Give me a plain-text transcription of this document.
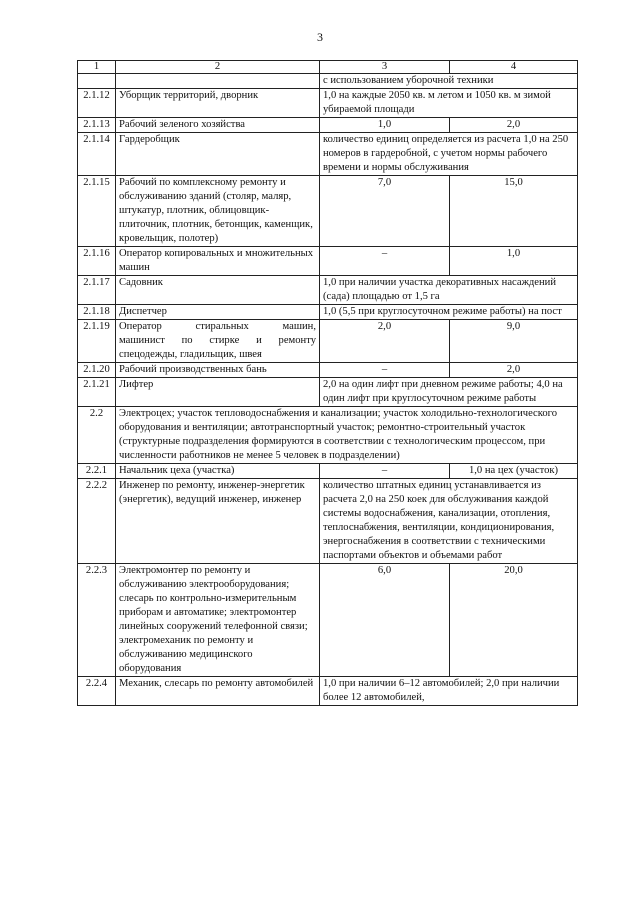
3
1	2	3	4
		с использованием уборочной техники	
2.1.12	Уборщик территорий, дворник	1,0 на каждые 2050 кв. м летом и 1050 кв. м зимой убираемой площади	
2.1.13	Рабочий зеленого хозяйства	1,0	2,0
2.1.14	Гардеробщик	количество единиц определяется из расчета 1,0 на 250 номеров в гардеробной, с учетом нормы рабочего времени и нормы обслуживания	
2.1.15	Рабочий по комплексному ремонту и обслуживанию зданий (столяр, маляр, штукатур, плотник, облицовщик-плиточник, плотник, бетонщик, каменщик, кровельщик, полотер)	7,0	15,0
2.1.16	Оператор копировальных и множительных машин	–	1,0
2.1.17	Садовник	1,0 при наличии участка декоративных насаждений (сада) площадью от 1,5 га	
2.1.18	Диспетчер	1,0 (5,5 при круглосуточном режиме работы) на пост	
2.1.19	Оператор стиральных машин,
машинист по стирке и ремонту
спецодежды, гладильщик, швея	2,0	9,0
2.1.20	Рабочий производственных бань	–	2,0
2.1.21	Лифтер	2,0 на один лифт при дневном режиме работы; 4,0 на один лифт при круглосуточном режиме работы	
2.2	Электроцех; участок тепловодоснабжения и канализации; участок холодильно-технологического оборудования и вентиляции; автотранспортный участок; ремонтно-строительный участок (структурные подразделения формируются в соответствии с технологическим процессом, при численности работников не менее 5 человек в подразделении)		
2.2.1	Начальник цеха (участка)	–	1,0 на цех (участок)
2.2.2	Инженер по ремонту, инженер-энергетик (энергетик), ведущий инженер, инженер	количество штатных единиц устанавливается из расчета 2,0 на 250 коек для обслуживания каждой системы водоснабжения, канализации, отопления, теплоснабжения, вентиляции, кондиционирования, энергоснабжения в соответствии с техническими паспортами объектов и объемами работ	
2.2.3	Электромонтер по ремонту и обслуживанию электрооборудования; слесарь по контрольно-измерительным приборам и автоматике; электромонтер линейных сооружений телефонной связи; электромеханик по ремонту и обслуживанию медицинского оборудования	6,0	20,0
2.2.4	Механик, слесарь по ремонту автомобилей	1,0 при наличии 6–12 автомобилей; 2,0 при наличии более 12 автомобилей,	
